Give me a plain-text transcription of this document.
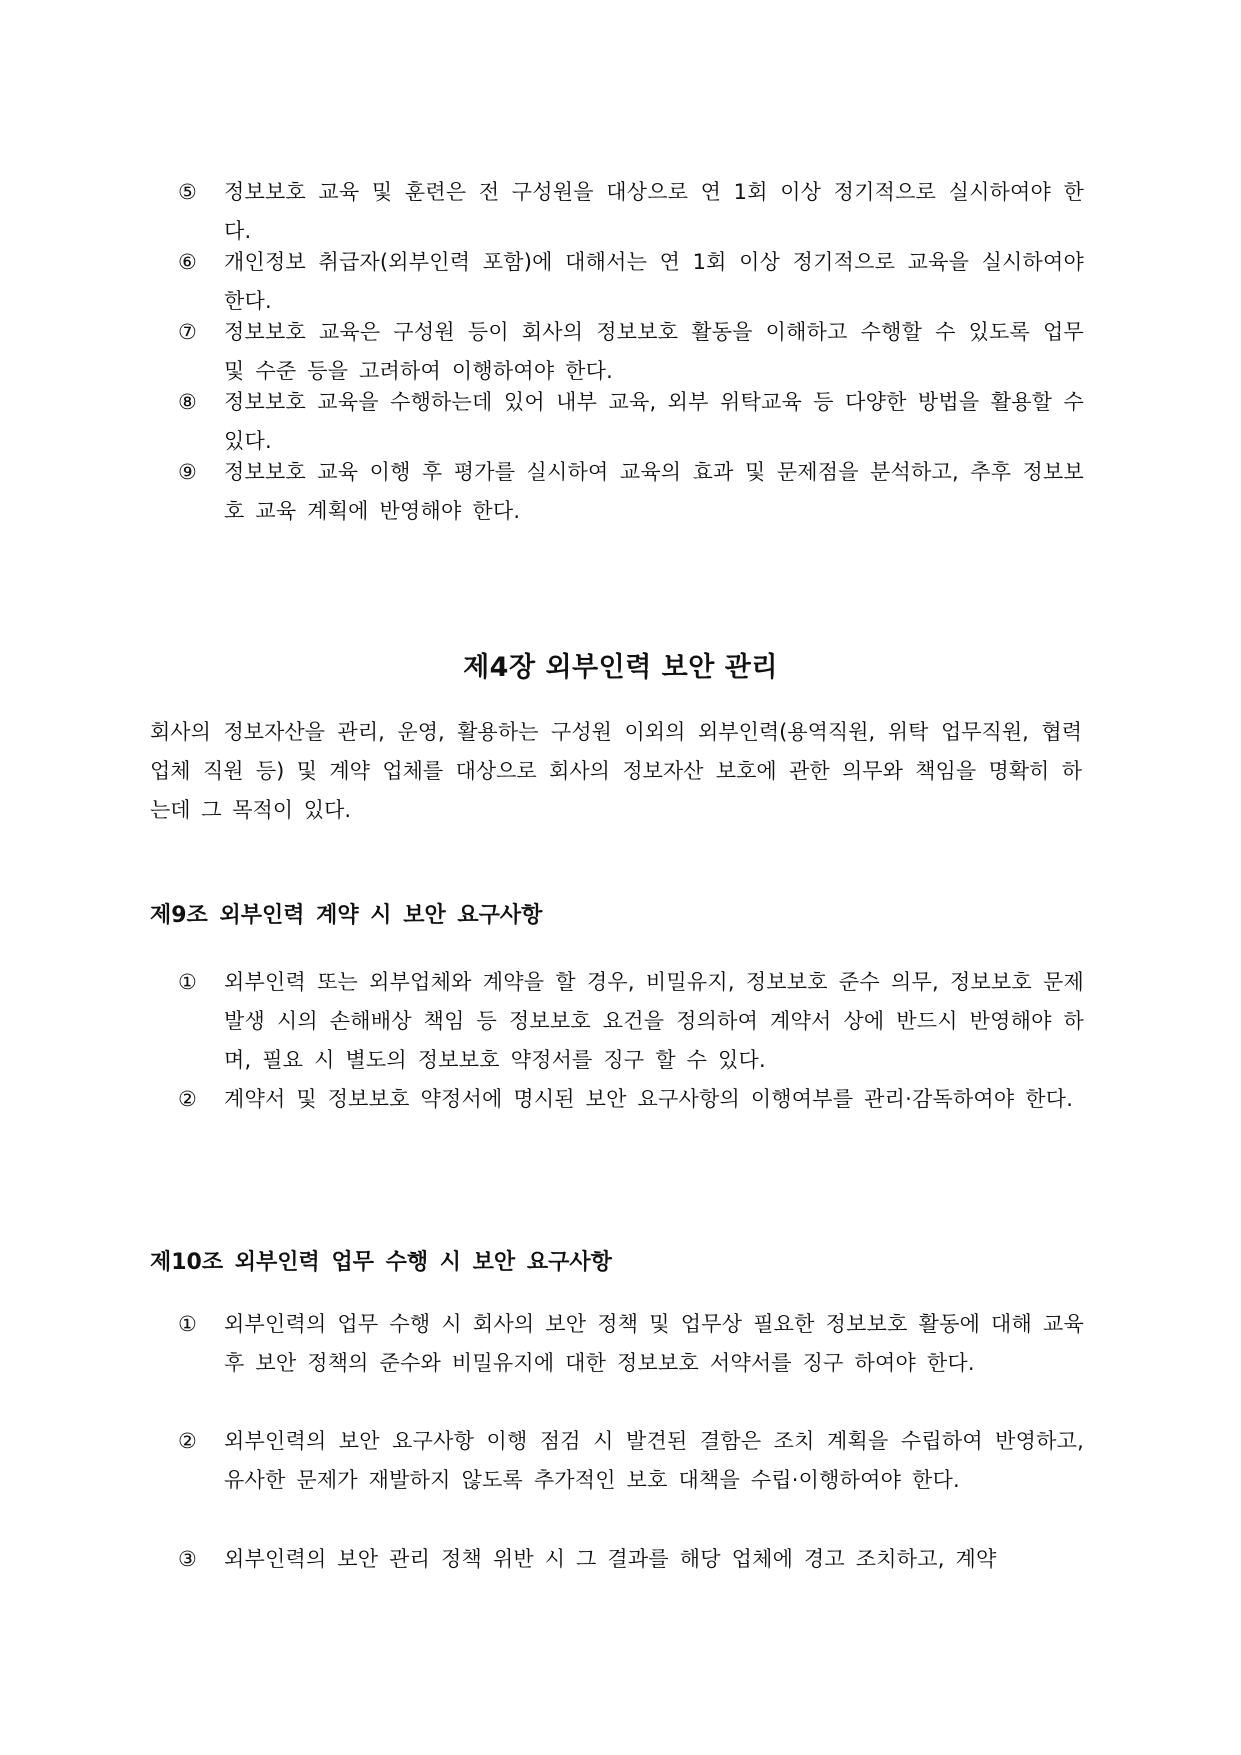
⑤	정보보호 교육 및 훈련은 전 구성원을 대상으로 연 1회 이상 정기적으로 실시하여야 한다.
⑥	개인정보 취급자(외부인력 포함)에 대해서는 연 1회 이상 정기적으로 교육을 실시하여야 한다.
⑦	정보보호 교육은 구성원 등이 회사의 정보보호 활동을 이해하고 수행할 수 있도록 업무 및 수준 등을 고려하여 이행하여야 한다.
⑧	정보보호 교육을 수행하는데 있어 내부 교육, 외부 위탁교육 등 다양한 방법을 활용할 수 있다.
⑨	정보보호 교육 이행 후 평가를 실시하여 교육의 효과 및 문제점을 분석하고, 추후 정보보호 교육 계획에 반영해야 한다.
제4장 외부인력 보안 관리
회사의 정보자산을 관리, 운영, 활용하는 구성원 이외의 외부인력(용역직원, 위탁 업무직원, 협력 업체 직원 등) 및 계약 업체를 대상으로 회사의 정보자산 보호에 관한 의무와 책임을 명확히 하 는데 그 목적이 있다.
제9조 외부인력 계약 시 보안 요구사항
①	외부인력 또는 외부업체와 계약을 할 경우, 비밀유지, 정보보호 준수 의무, 정보보호 문제 발생 시의 손해배상 책임 등 정보보호 요건을 정의하여 계약서 상에 반드시 반영해야 하며, 필요 시 별도의 정보보호 약정서를 징구 할 수 있다.
②	계약서 및 정보보호 약정서에 명시된 보안 요구사항의 이행여부를 관리·감독하여야 한다.
제10조 외부인력 업무 수행 시 보안 요구사항
①	외부인력의 업무 수행 시 회사의 보안 정책 및 업무상 필요한 정보보호 활동에 대해 교육 후 보안 정책의 준수와 비밀유지에 대한 정보보호 서약서를 징구 하여야 한다.
②	외부인력의 보안 요구사항 이행 점검 시 발견된 결함은 조치 계획을 수립하여 반영하고, 유사한 문제가 재발하지 않도록 추가적인 보호 대책을 수립·이행하여야 한다.
③	외부인력의 보안 관리 정책 위반 시 그 결과를 해당 업체에 경고 조치하고, 계약
